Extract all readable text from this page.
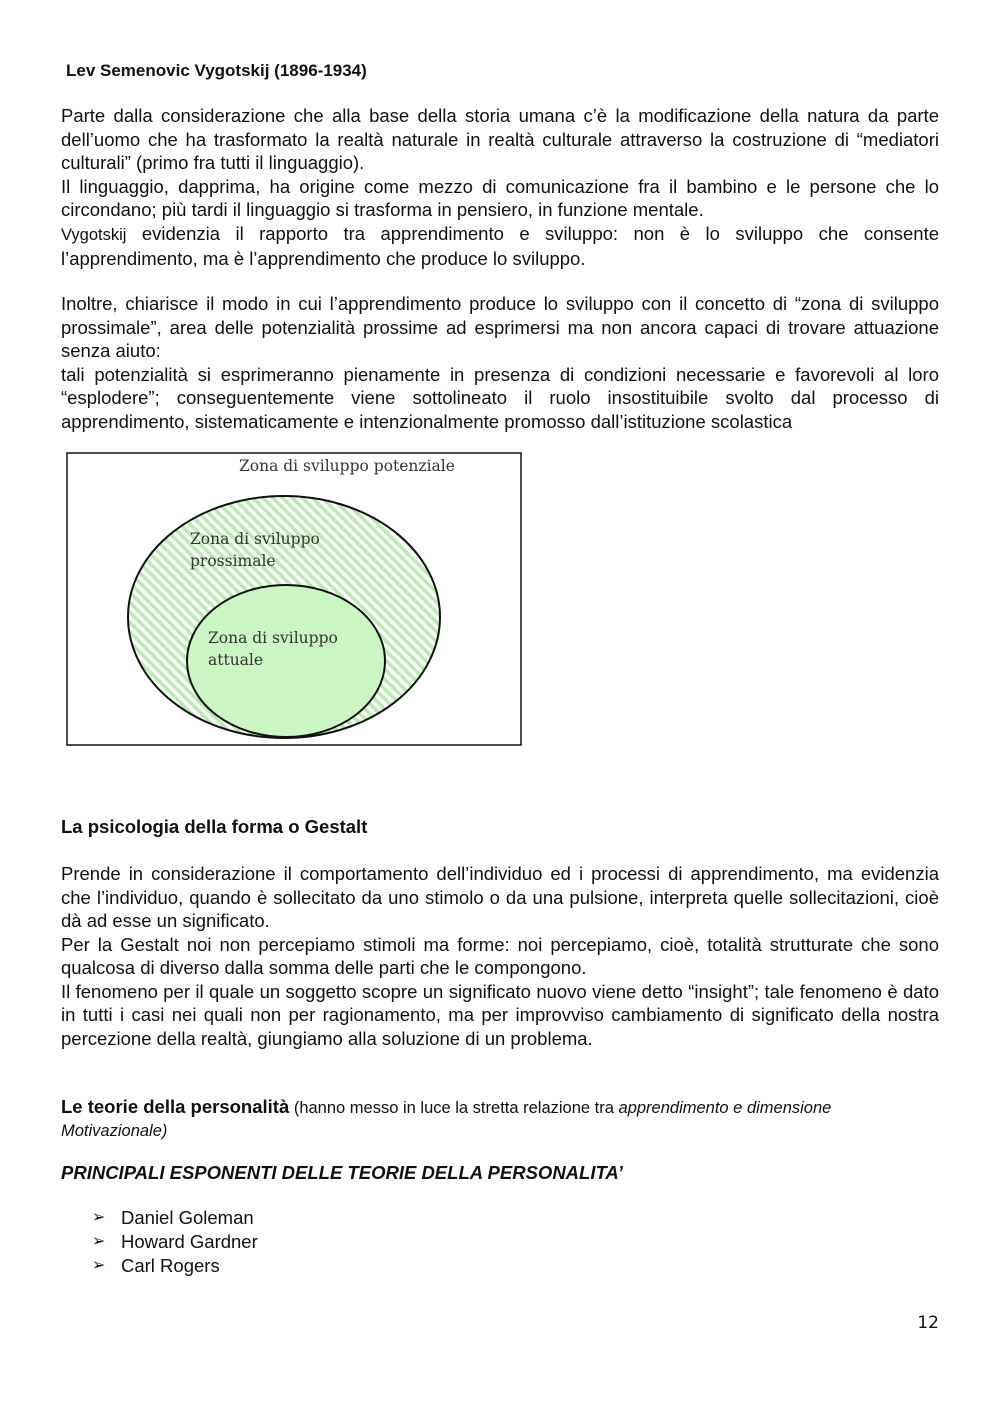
Lev Semenovic Vygotskij (1896-1934)

Parte dalla considerazione che alla base della storia umana c’è la modificazione della natura da parte dell’uomo che ha trasformato la realtà naturale in realtà culturale attraverso la costruzione di “mediatori culturali” (primo fra tutti il linguaggio).

Il linguaggio, dapprima, ha origine come mezzo di comunicazione fra il bambino e le persone che lo circondano; più tardi il linguaggio si trasforma in pensiero, in funzione mentale.

Vygotskij evidenzia il rapporto tra apprendimento e sviluppo: non è lo sviluppo che consente l’apprendimento, ma è l’apprendimento che produce lo sviluppo.

Inoltre, chiarisce il modo in cui l’apprendimento produce lo sviluppo con il concetto di “zona di sviluppo prossimale”, area delle potenzialità prossime ad esprimersi ma non ancora capaci di trovare attuazione senza aiuto:

tali potenzialità si esprimeranno pienamente in presenza di condizioni necessarie e favorevoli al loro “esplodere”; conseguentemente viene sottolineato il ruolo insostituibile svolto dal processo di apprendimento, sistematicamente e intenzionalmente promosso dall’istituzione scolastica

Zona di sviluppo potenziale
Zona di sviluppo
prossimale
Zona di sviluppo
attuale
La psicologia della forma o Gestalt

Prende in considerazione il comportamento dell’individuo ed i processi di apprendimento, ma evidenzia che l’individuo, quando è sollecitato da uno stimolo o da una pulsione, interpreta quelle sollecitazioni, cioè dà ad esse un significato.

Per la Gestalt noi non percepiamo stimoli ma forme: noi percepiamo, cioè, totalità strutturate che sono qualcosa di diverso dalla somma delle parti che le compongono.

Il fenomeno per il quale un soggetto scopre un significato nuovo viene detto “insight”; tale fenomeno è dato in tutti i casi nei quali non per ragionamento, ma per improvviso cambiamento di significato della nostra percezione della realtà, giungiamo alla soluzione di un problema.

Le teorie della personalità (hanno messo in luce la stretta relazione tra apprendimento e dimensione
Motivazionale)
PRINCIPALI ESPONENTI DELLE TEORIE DELLA PERSONALITA’
➢ Daniel Goleman
➢ Howard Gardner
➢ Carl Rogers
12
